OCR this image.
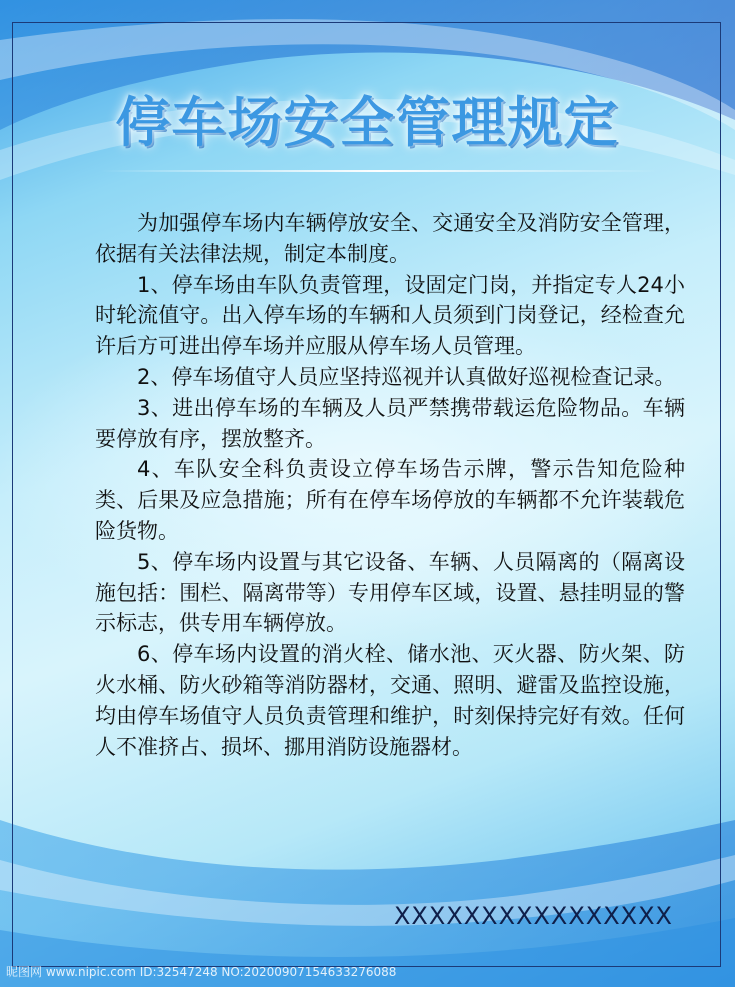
停车场安全管理规定

为加强停车场内车辆停放安全、交通安全及消防安全管理，依据有关法律法规，制定本制度。

1、停车场由车队负责管理，设固定门岗，并指定专人24小时轮流值守。出入停车场的车辆和人员须到门岗登记，经检查允许后方可进出停车场并应服从停车场人员管理。

2、停车场值守人员应坚持巡视并认真做好巡视检查记录。

3、进出停车场的车辆及人员严禁携带载运危险物品。车辆要停放有序，摆放整齐。

4、车队安全科负责设立停车场告示牌，警示告知危险种类、后果及应急措施；所有在停车场停放的车辆都不允许装载危险货物。

5、停车场内设置与其它设备、车辆、人员隔离的（隔离设施包括：围栏、隔离带等）专用停车区域，设置、悬挂明显的警示标志，供专用车辆停放。

6、停车场内设置的消火栓、储水池、灭火器、防火架、防火水桶、防火砂箱等消防器材，交通、照明、避雷及监控设施，均由停车场值守人员负责管理和维护，时刻保持完好有效。任何人不准挤占、损坏、挪用消防设施器材。

XXXXXXXXXXXXXXXX
昵图网 www.nipic.com ID:32547248 NO:20200907154633276088
